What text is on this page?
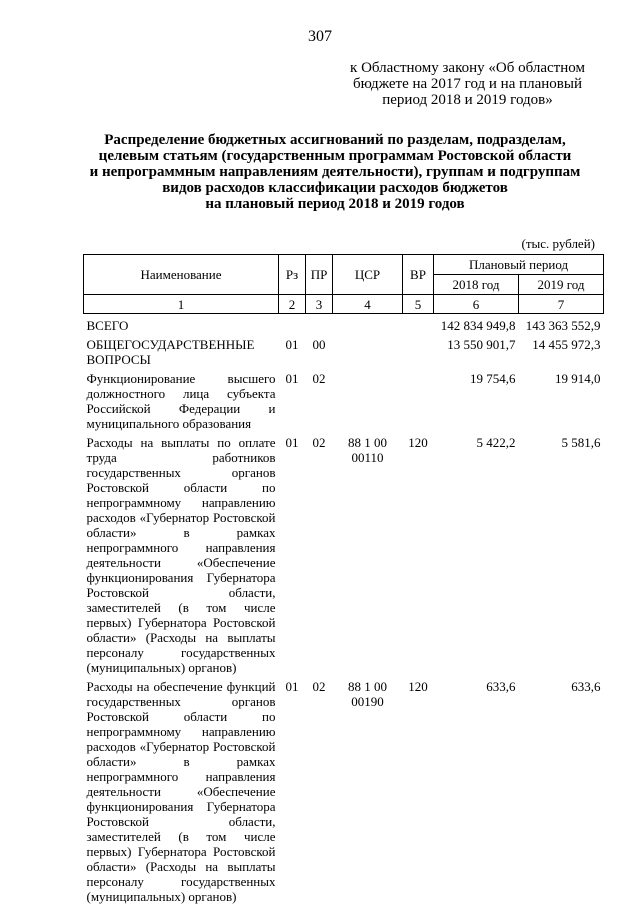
307
к Областному закону «Об областном
бюджете на 2017 год и на плановый
период 2018 и 2019 годов»
Распределение бюджетных ассигнований по разделам, подразделам,
целевым статьям (государственным программам Ростовской области
и непрограммным направлениям деятельности), группам и подгруппам
видов расходов классификации расходов бюджетов
на плановый период 2018 и 2019 годов
(тыс. рублей)
Наименование	Рз	ПР	ЦСР	ВР	Плановый период	
					2018 год	2019 год
1	2	3	4	5	6	7
ВСЕГО					142 834 949,8	143 363 552,9
ОБЩЕГОСУДАРСТВЕННЫЕ ВОПРОСЫ	01	00			13 550 901,7	14 455 972,3
Функционирование высшего должностного лица субъекта Российской Федерации и муниципального образования	01	02			19 754,6	19 914,0
Расходы на выплаты по оплате труда работников государственных органов Ростовской области по непрограммному направлению расходов «Губернатор Ростовской области» в рамках непрограммного направления деятельности «Обеспечение функционирования Губернатора Ростовской области, заместителей (в том числе первых) Губернатора Ростовской области» (Расходы на выплаты персоналу государственных (муниципальных) органов)	01	02	88 1 00 00110	120	5 422,2	5 581,6
Расходы на обеспечение функций государственных органов Ростовской области по непрограммному направлению расходов «Губернатор Ростовской области» в рамках непрограммного направления деятельности «Обеспечение функционирования Губернатора Ростовской области, заместителей (в том числе первых) Губернатора Ростовской области» (Расходы на выплаты персоналу государственных (муниципальных) органов)	01	02	88 1 00 00190	120	633,6	633,6
